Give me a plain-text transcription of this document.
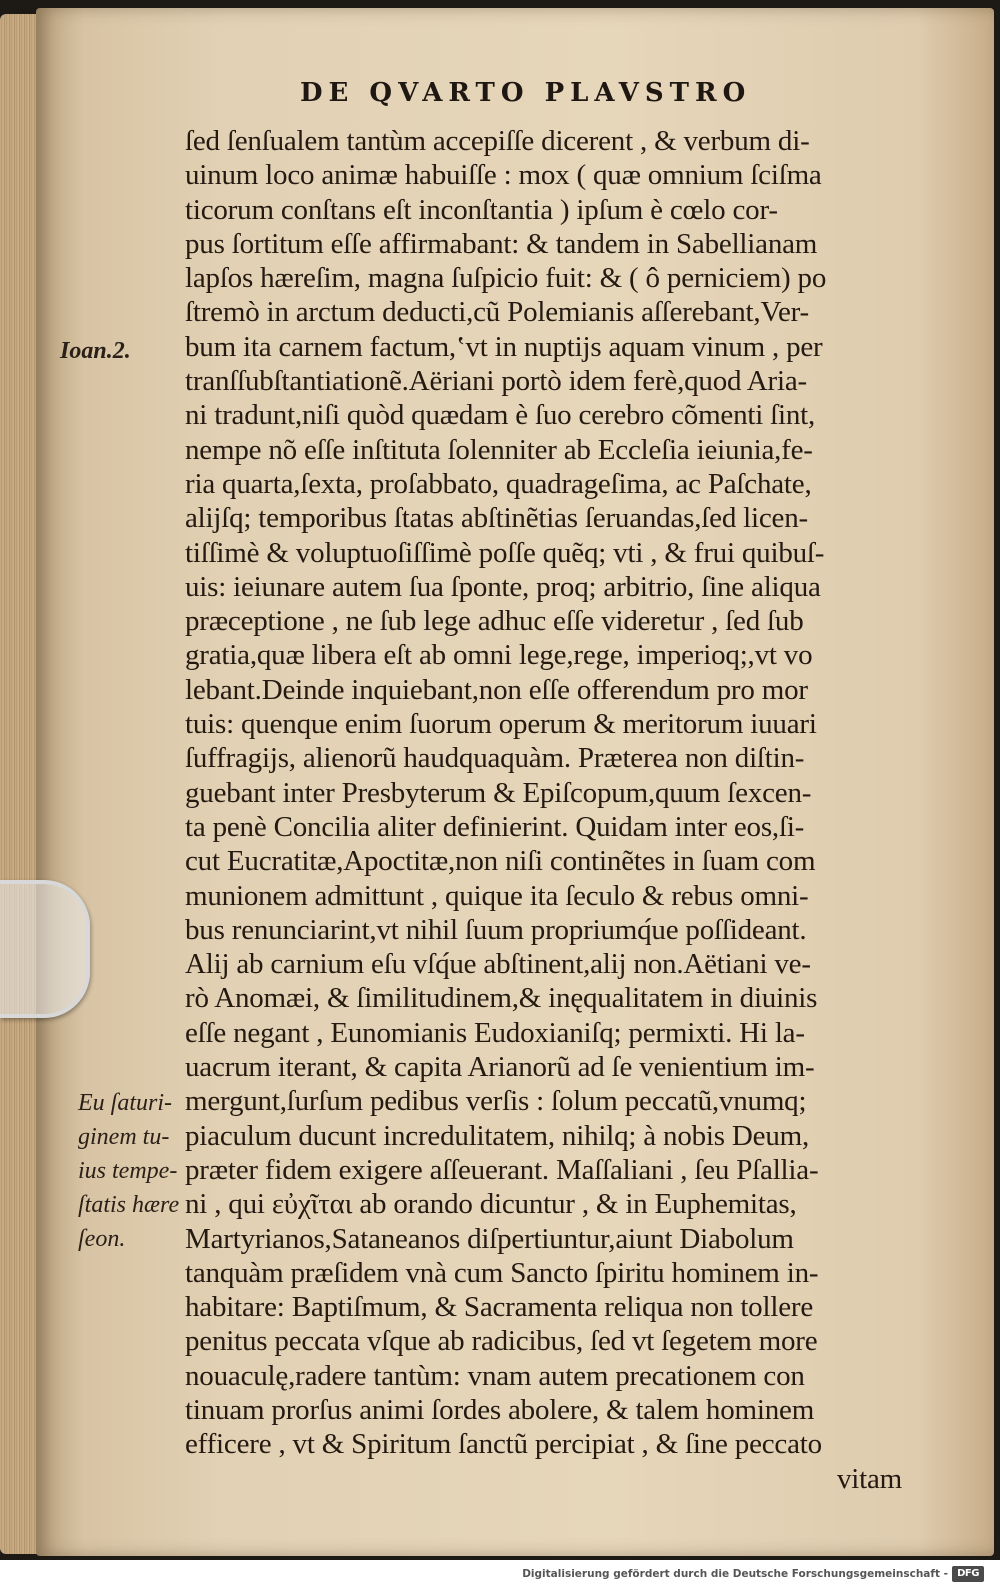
DE QVARTO PLAVSTRO

Ioan.2.

Eu ſaturi-
ginem tu-
ius tempe-
ſtatis hære
ſeon.

ſed ſenſualem tantùm accepiſſe dicerent , & verbum di-
uinum loco animæ habuiſſe : mox ( quæ omnium ſciſma
ticorum conſtans eſt inconſtantia ) ipſum è cœlo cor-
pus ſortitum eſſe affirmabant: & tandem in Sabellianam
lapſos hæreſim, magna ſuſpicio fuit: & ( ô perniciem) po
ſtremò in arctum deducti,cũ Polemianis aſſerebant,Ver-
bum ita carnem factum,‛vt in nuptijs aquam vinum , per
tranſſubſtantiationẽ.Aëriani portò idem ferè,quod Aria-
ni tradunt,niſi quòd quædam è ſuo cerebro cõmenti ſint,
nempe nõ eſſe inſtituta ſolenniter ab Eccleſia ieiunia,fe-
ria quarta,ſexta, proſabbato, quadrageſima, ac Paſchate,
alijſq; temporibus ſtatas abſtinẽtias ſeruandas,ſed licen-
tiſſimè & voluptuoſiſſimè poſſe quẽq; vti , & frui quibuſ-
uis: ieiunare autem ſua ſponte, proq; arbitrio, ſine aliqua
præceptione , ne ſub lege adhuc eſſe videretur , ſed ſub
gratia,quæ libera eſt ab omni lege,rege, imperioq;,vt vo
lebant.Deinde inquiebant,non eſſe offerendum pro mor
tuis: quenque enim ſuorum operum & meritorum iuuari
ſuffragijs, alienorũ haudquaquàm. Præterea non diſtin-
guebant inter Presbyterum & Epiſcopum,quum ſexcen-
ta penè Concilia aliter definierint. Quidam inter eos,ſi-
cut Eucratitæ,Apoctitæ,non niſi continẽtes in ſuam com
munionem admittunt , quique ita ſeculo & rebus omni-
bus renunciarint,vt nihil ſuum propriumq́ue poſſideant.
Alij ab carnium eſu vſq́ue abſtinent,alij non.Aëtiani ve-
rò Anomæi, & ſimilitudinem,& inęqualitatem in diuinis
eſſe negant , Eunomianis Eudoxianiſq; permixti. Hi la-
uacrum iterant, & capita Arianorũ ad ſe venientium im-
mergunt,ſurſum pedibus verſis : ſolum peccatũ,vnumq;
piaculum ducunt incredulitatem, nihilq; à nobis Deum,
præter fidem exigere aſſeuerant. Maſſaliani , ſeu Pſallia-
ni , qui εὐχῖται ab orando dicuntur , & in Euphemitas,
Martyrianos,Sataneanos diſpertiuntur,aiunt Diabolum
tanquàm præſidem vnà cum Sancto ſpiritu hominem in-
habitare: Baptiſmum, & Sacramenta reliqua non tollere
penitus peccata vſque ab radicibus, ſed vt ſegetem more
nouaculę,radere tantùm: vnam autem precationem con
tinuam prorſus animi ſordes abolere, & talem hominem
efficere , vt & Spiritum ſanctũ percipiat , & ſine peccato
vitam
Digitalisierung gefördert durch die Deutsche Forschungsgemeinschaft - DFG
